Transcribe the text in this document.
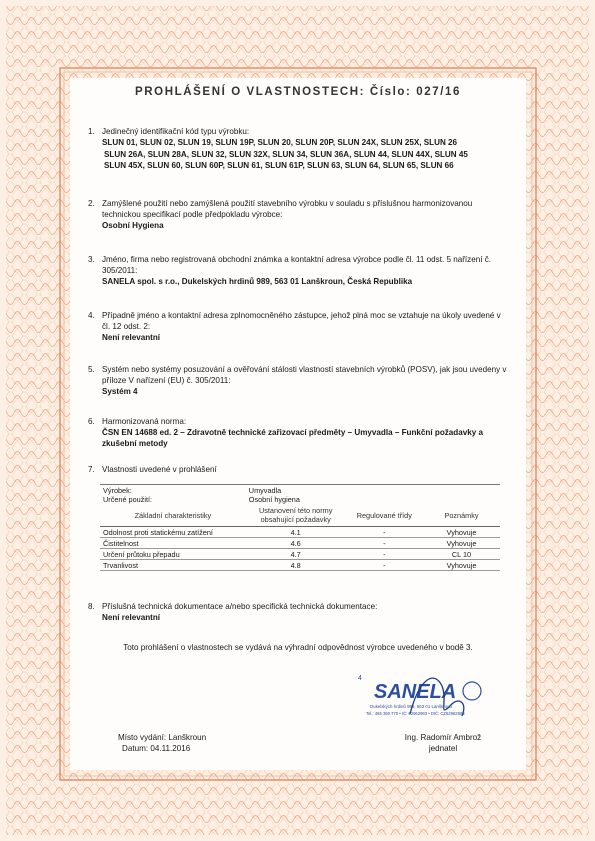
PROHLÁŠENÍ O VLASTNOSTECH: Číslo: 027/16
1. Jedinečný identifikační kód typu výrobku:
SLUN 01, SLUN 02, SLUN 19, SLUN 19P, SLUN 20, SLUN 20P, SLUN 24X, SLUN 25X, SLUN 26
SLUN 26A, SLUN 28A, SLUN 32, SLUN 32X, SLUN 34, SLUN 36A, SLUN 44, SLUN 44X, SLUN 45
SLUN 45X, SLUN 60, SLUN 60P, SLUN 61, SLUN 61P, SLUN 63, SLUN 64, SLUN 65, SLUN 66
2. Zamýšlené použití nebo zamýšlená použití stavebního výrobku v souladu s příslušnou harmonizovanou technickou specifikací podle předpokladu výrobce:
Osobní Hygiena
3. Jméno, firma nebo registrovaná obchodní známka a kontaktní adresa výrobce podle čl. 11 odst. 5 nařízení č. 305/2011:
SANELA spol. s r.o., Dukelských hrdinů 989, 563 01 Lanškroun, Česká Republika
4. Případně jméno a kontaktní adresa zplnomocněného zástupce, jehož plná moc se vztahuje na úkoly uvedené v čl. 12 odst. 2:
Není relevantní
5. Systém nebo systémy posuzování a ověřování stálosti vlastností stavebních výrobků (POSV), jak jsou uvedeny v příloze V nařízení (EU) č. 305/2011:
Systém 4
6. Harmonizovaná norma:
ČSN EN 14688 ed. 2 – Zdravotně technické zařizovací předměty – Umyvadla – Funkční požadavky a zkušební metody
7. Vlastnosti uvedené v prohlášení
Výrobek:	Umyvadla		
Určené použití:	Osobní hygiena		
Základní charakteristiky	Ustanovení této normy obsahující požadavky	Regulované třídy	Poznámky
Odolnost proti statickému zatížení	4.1	-	Vyhovuje
Čistitelnost	4.6	-	Vyhovuje
Určení průtoku přepadu	4.7	-	CL 10
Trvanlivost	4.8	-	Vyhovuje
8. Příslušná technická dokumentace a/nebo specifická technická dokumentace:
Není relevantní
Toto prohlášení o vlastnostech se vydává na výhradní odpovědnost výrobce uvedeného v bodě 3.
4
SANELA
Dukelských hrdinů 989, 563 01 Lanškroun
Tel.: 465 350 770 • IČ: 62962993 • DIČ: CZ62962993
Místo vydání: Lanškroun
Datum: 04.11.2016
Ing. Radomír Ambrož
jednatel
